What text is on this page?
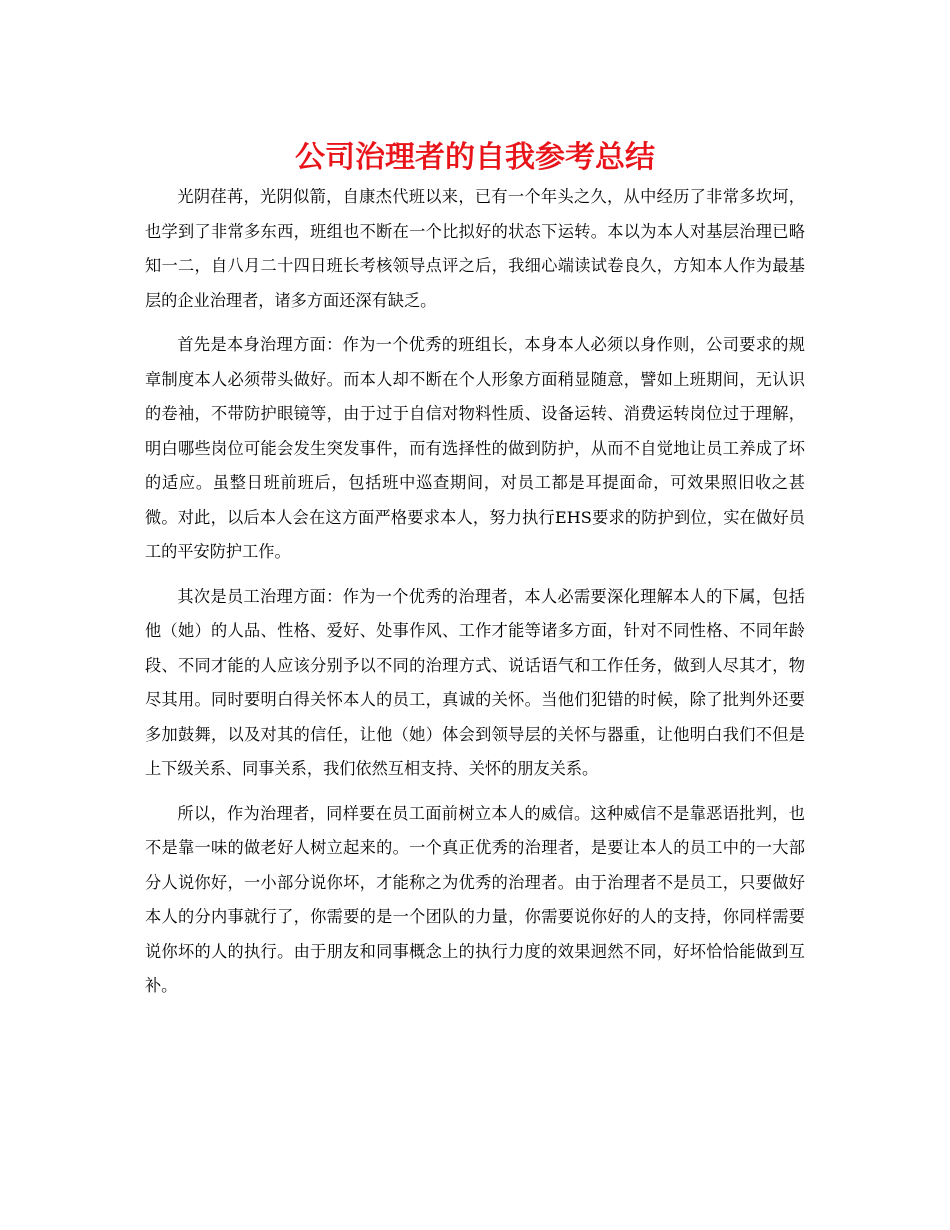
公司治理者的自我参考总结

光阴荏苒，光阴似箭，自康杰代班以来，已有一个年头之久，从中经历了非常多坎坷，也学到了非常多东西，班组也不断在一个比拟好的状态下运转。本以为本人对基层治理已略知一二，自八月二十四日班长考核领导点评之后，我细心端读试卷良久，方知本人作为最基层的企业治理者，诸多方面还深有缺乏。

首先是本身治理方面：作为一个优秀的班组长，本身本人必须以身作则，公司要求的规章制度本人必须带头做好。而本人却不断在个人形象方面稍显随意，譬如上班期间，无认识的卷袖，不带防护眼镜等，由于过于自信对物料性质、设备运转、消费运转岗位过于理解，明白哪些岗位可能会发生突发事件，而有选择性的做到防护，从而不自觉地让员工养成了坏的适应。虽整日班前班后，包括班中巡查期间，对员工都是耳提面命，可效果照旧收之甚微。对此，以后本人会在这方面严格要求本人，努力执行EHS要求的防护到位，实在做好员工的平安防护工作。

其次是员工治理方面：作为一个优秀的治理者，本人必需要深化理解本人的下属，包括他（她）的人品、性格、爱好、处事作风、工作才能等诸多方面，针对不同性格、不同年龄段、不同才能的人应该分别予以不同的治理方式、说话语气和工作任务，做到人尽其才，物尽其用。同时要明白得关怀本人的员工，真诚的关怀。当他们犯错的时候，除了批判外还要多加鼓舞，以及对其的信任，让他（她）体会到领导层的关怀与器重，让他明白我们不但是上下级关系、同事关系，我们依然互相支持、关怀的朋友关系。

所以，作为治理者，同样要在员工面前树立本人的威信。这种威信不是靠恶语批判，也不是靠一味的做老好人树立起来的。一个真正优秀的治理者，是要让本人的员工中的一大部分人说你好，一小部分说你坏，才能称之为优秀的治理者。由于治理者不是员工，只要做好本人的分内事就行了，你需要的是一个团队的力量，你需要说你好的人的支持，你同样需要说你坏的人的执行。由于朋友和同事概念上的执行力度的效果迥然不同，好坏恰恰能做到互补。
